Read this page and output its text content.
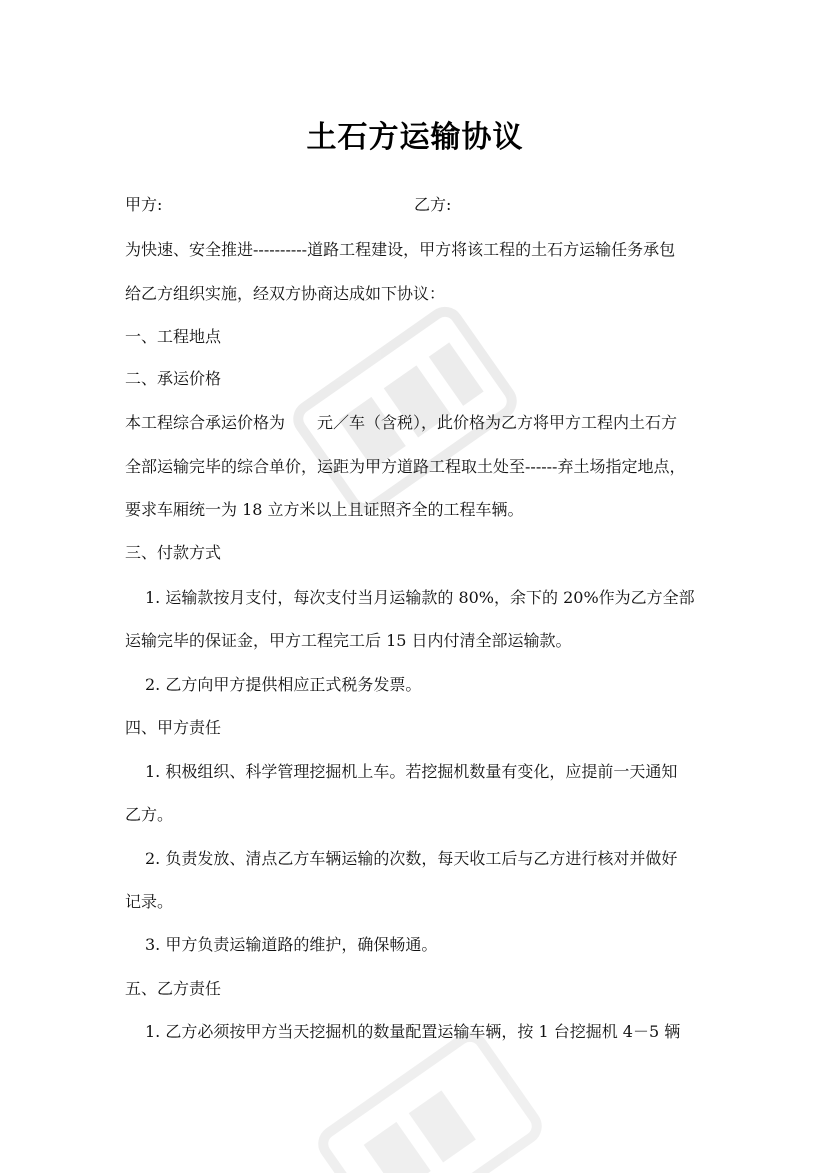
土石方运输协议
甲方:	乙方:
为快速、安全推进----------道路工程建设，甲方将该工程的土石方运输任务承包
给乙方组织实施，经双方协商达成如下协议：
一、工程地点
二、承运价格
本工程综合承运价格为　　元／车（含税），此价格为乙方将甲方工程内土石方
全部运输完毕的综合单价，运距为甲方道路工程取土处至------弃土场指定地点，
要求车厢统一为 18 立方米以上且证照齐全的工程车辆。
三、付款方式
1. 运输款按月支付，每次支付当月运输款的 80%，余下的 20%作为乙方全部
运输完毕的保证金，甲方工程完工后 15 日内付清全部运输款。
2. 乙方向甲方提供相应正式税务发票。
四、甲方责任
1. 积极组织、科学管理挖掘机上车。若挖掘机数量有变化，应提前一天通知
乙方。
2. 负责发放、清点乙方车辆运输的次数，每天收工后与乙方进行核对并做好
记录。
3. 甲方负责运输道路的维护，确保畅通。
五、乙方责任
1. 乙方必须按甲方当天挖掘机的数量配置运输车辆，按 1 台挖掘机 4－5 辆
